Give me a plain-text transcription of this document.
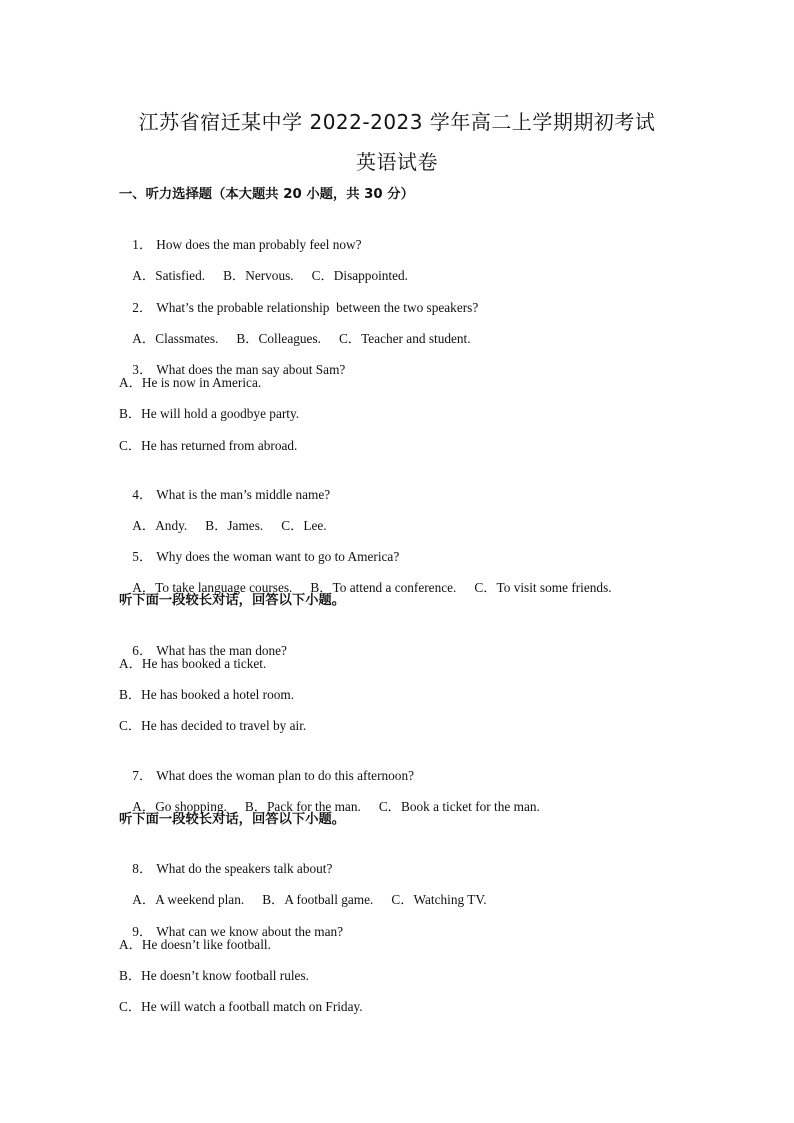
江苏省宿迁某中学 2022-2023 学年高二上学期期初考试
英语试卷
一、听力选择题（本大题共 20 小题，共 30 分）

1． How does the man probably feel now?

A．Satisfied. B．Nervous. C．Disappointed.

2． What’s the probable relationship  between the two speakers?

A．Classmates. B．Colleagues. C．Teacher and student.

3． What does the man say about Sam?

A．He is now in America.
B．He will hold a goodbye party.
C．He has returned from abroad.

4． What is the man’s middle name?

A．Andy. B．James. C．Lee.

5． Why does the woman want to go to America?

A．To take language courses. B．To attend a conference. C．To visit some friends.

听下面一段较长对话，回答以下小题。

6． What has the man done?

A．He has booked a ticket.
B．He has booked a hotel room.
C．He has decided to travel by air.

7． What does the woman plan to do this afternoon?

A．Go shopping. B．Pack for the man. C．Book a ticket for the man.

听下面一段较长对话，回答以下小题。

8． What do the speakers talk about?

A．A weekend plan. B．A football game. C．Watching TV.

9． What can we know about the man?

A．He doesn’t like football.
B．He doesn’t know football rules.
C．He will watch a football match on Friday.
